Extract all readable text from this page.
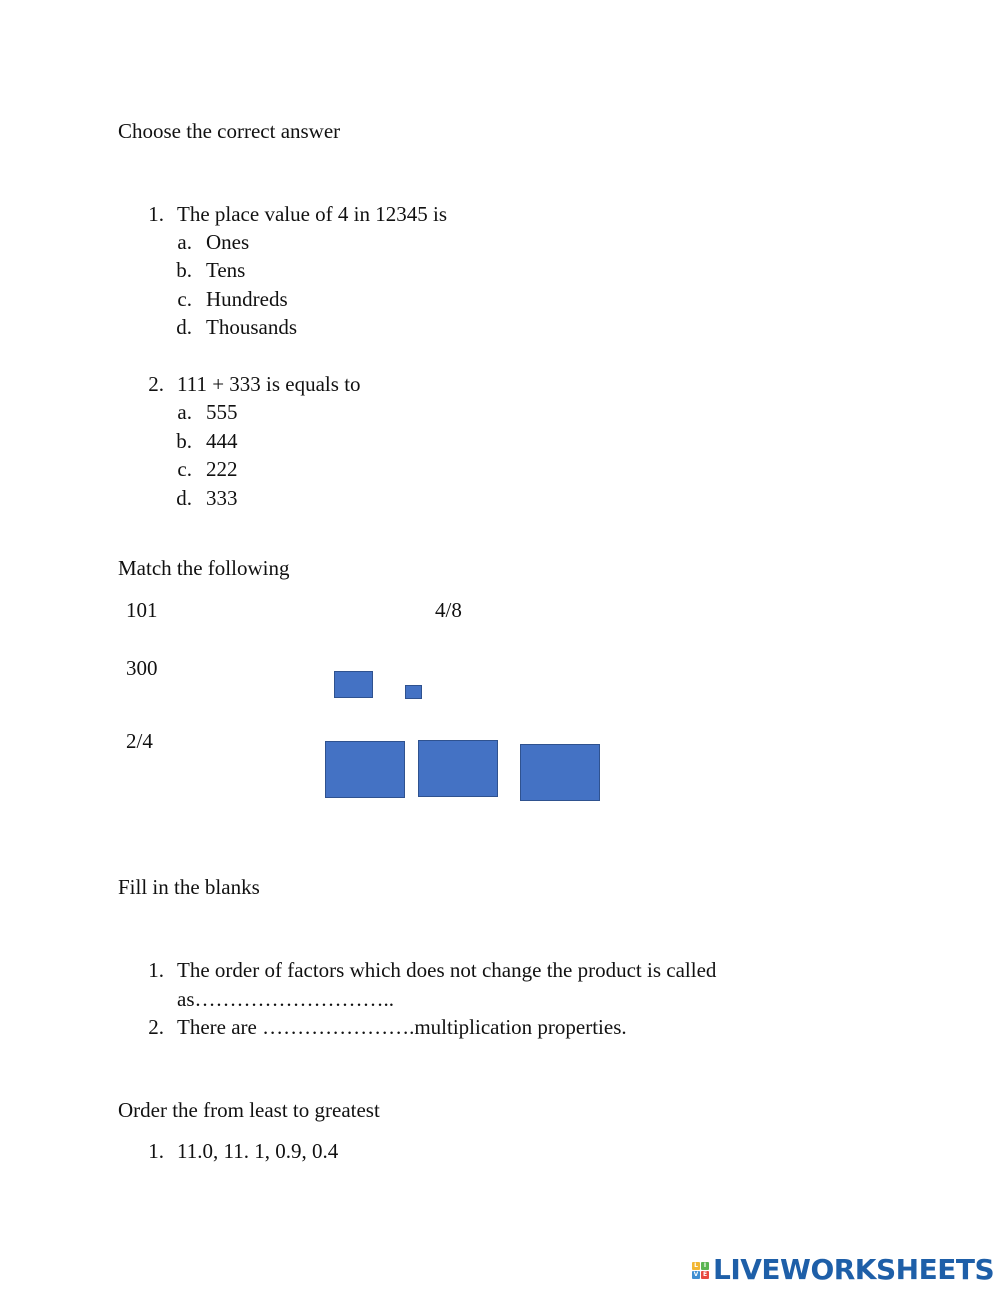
Choose the correct answer
1. The place value of 4 in 12345 is
a. Ones
b. Tens
c. Hundreds
d. Thousands
2. 111 + 333 is equals to
a. 555
b. 444
c. 222
d. 333
Match the following
101
300
2/4
4/8
Fill in the blanks
1. The order of factors which does not change the product is called
as………………………..
2. There are ………………….multiplication properties.
Order the from least to greatest
1. 11.0, 11. 1, 0.9, 0.4
L I
V E LIVEWORKSHEETS
